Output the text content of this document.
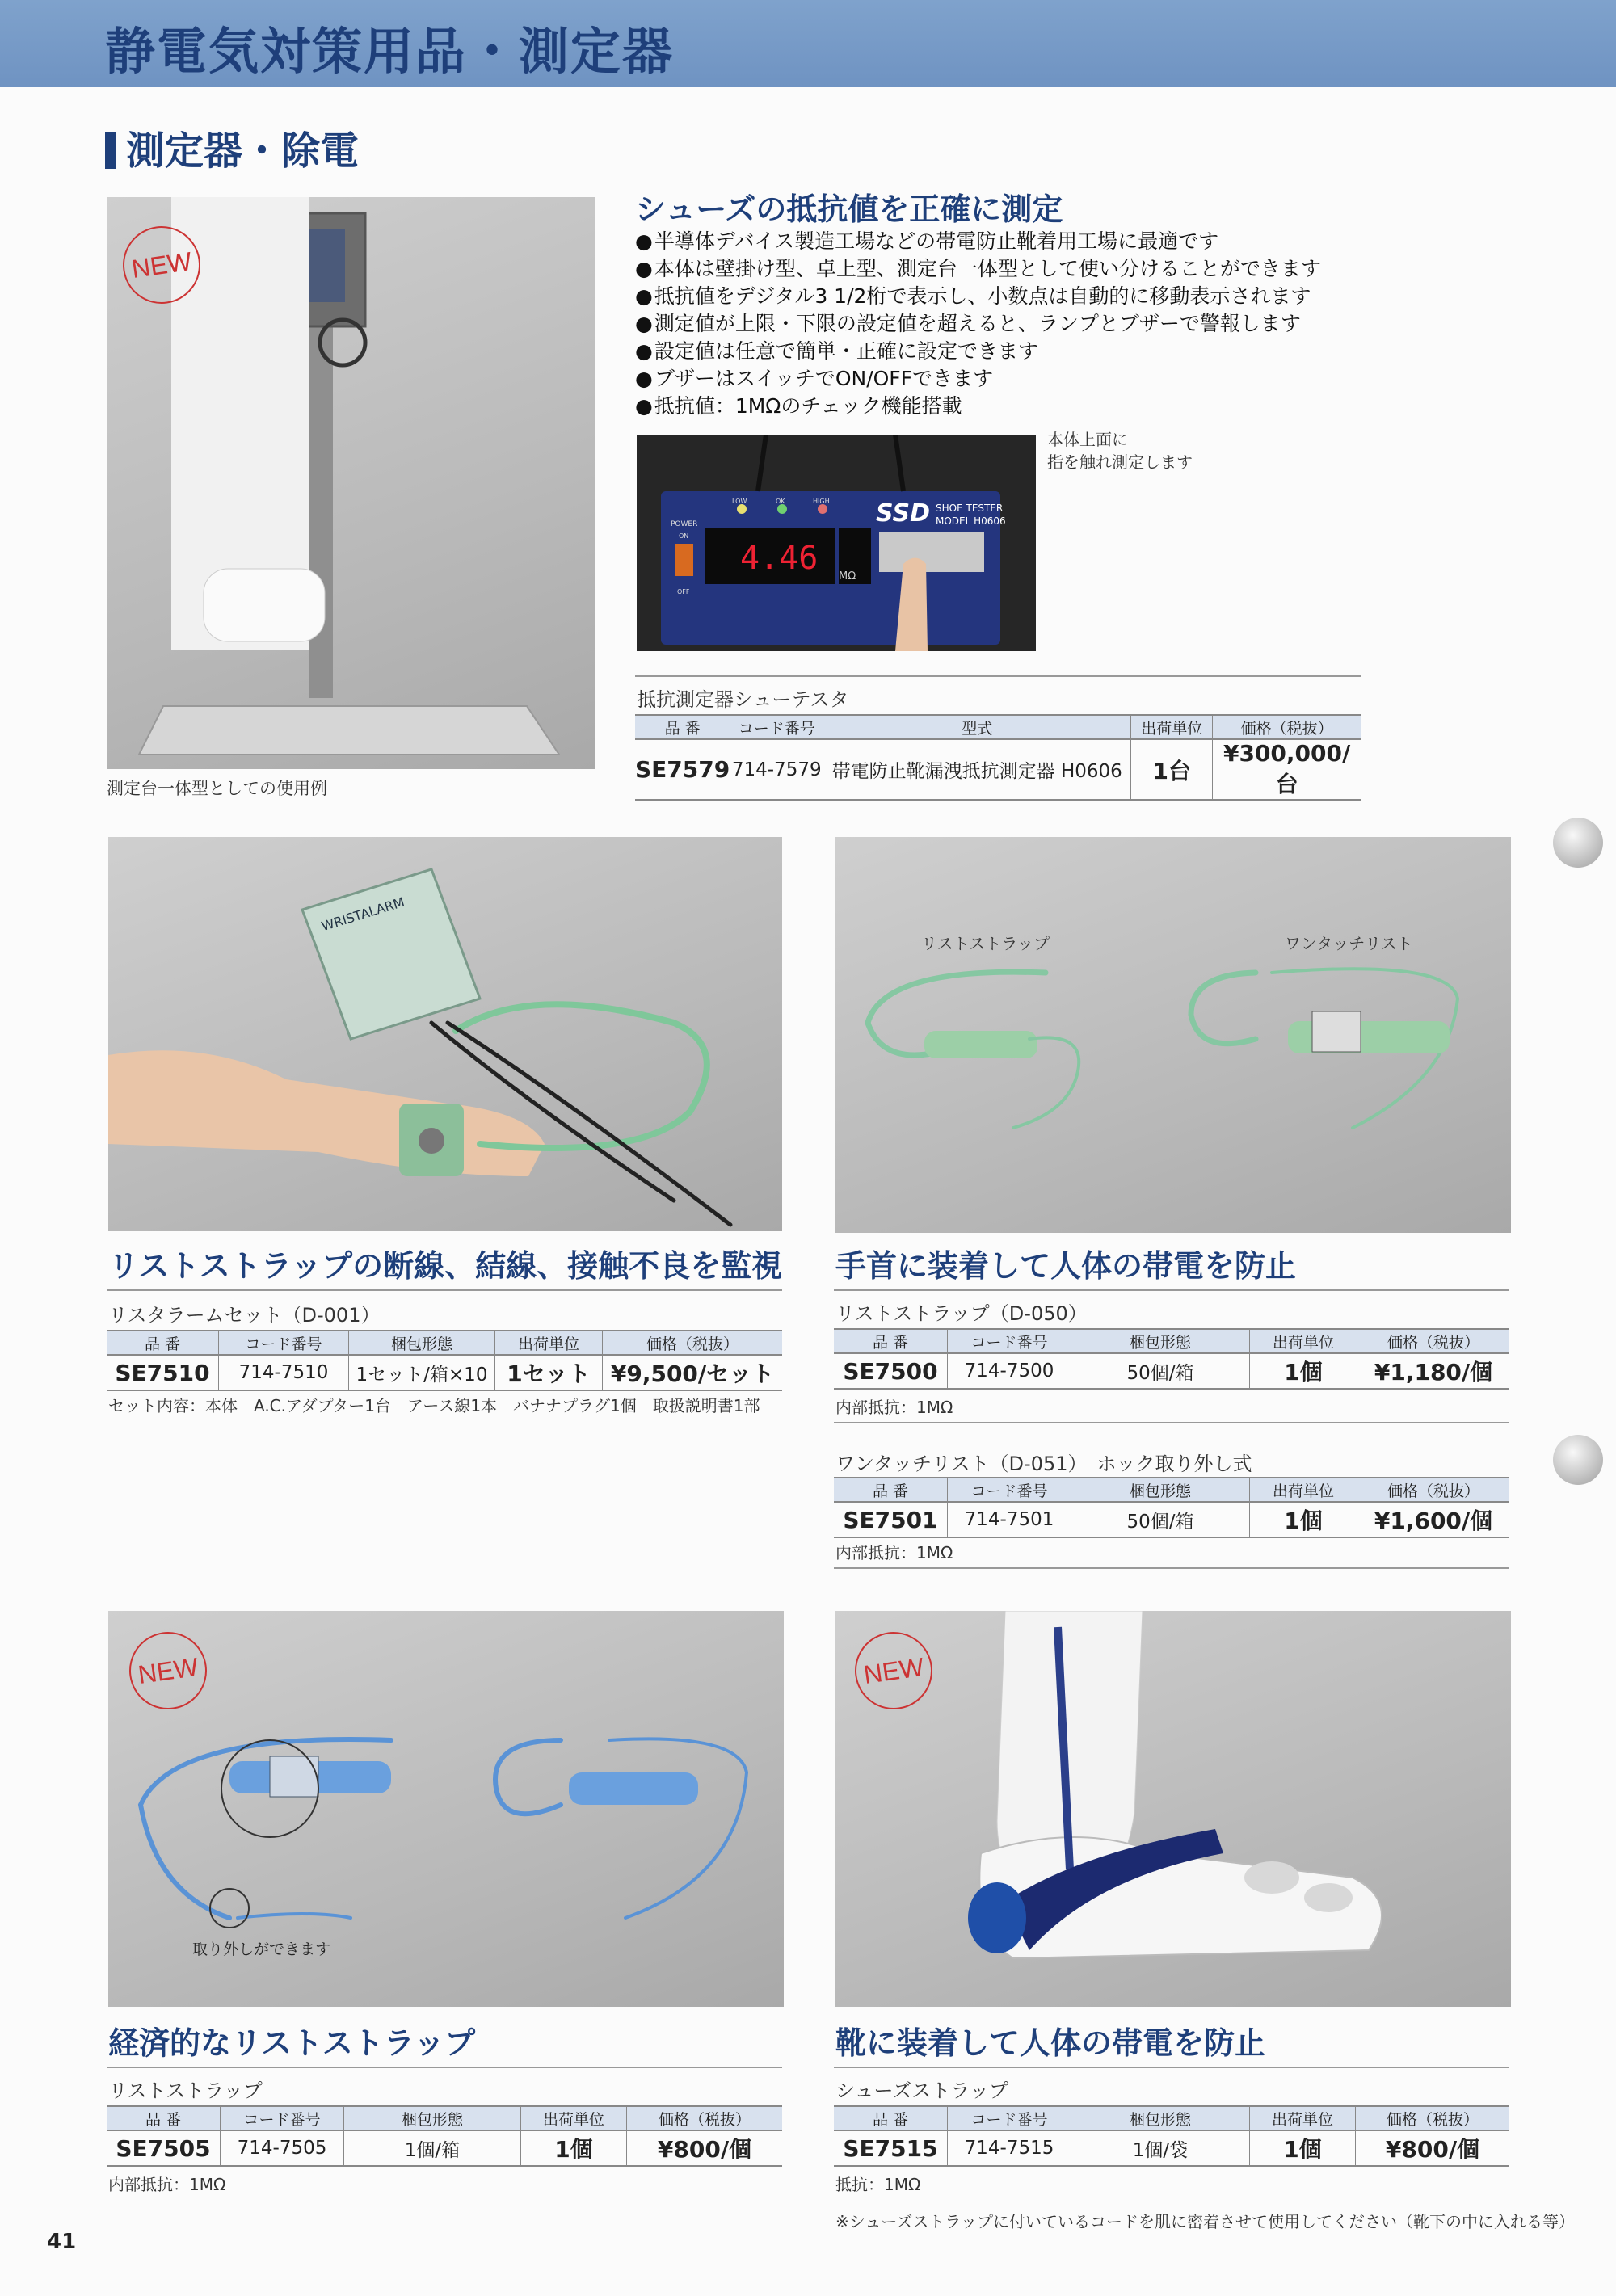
静電気対策用品・測定器
測定器・除電
NEW
測定台一体型としての使用例
シューズの抵抗値を正確に測定
● 半導体デバイス製造工場などの帯電防止靴着用工場に最適です
● 本体は壁掛け型、卓上型、測定台一体型として使い分けることができます
● 抵抗値をデジタル3 1/2桁で表示し、小数点は自動的に移動表示されます
● 測定値が上限・下限の設定値を超えると、ランプとブザーで警報します
● 設定値は任意で簡単・正確に設定できます
● ブザーはスイッチでON/OFFできます
● 抵抗値：1MΩのチェック機能搭載
4.46 MΩ
SSD SHOE TESTER
MODEL H0606
POWER
ON
OFF
LOW	OK	HIGH
本体上面に
指を触れ測定します
抵抗測定器シューテスタ
品 番	コード番号	型式	出荷単位	価格（税抜）
SE7579	714-7579	帯電防止靴漏洩抵抗測定器 H0606	1台	¥300,000/台
WRISTALARM
リストストラップの断線、結線、接触不良を監視
リスタラームセット（D-001）
品 番	コード番号	梱包形態	出荷単位	価格（税抜）
SE7510	714-7510	1セット/箱×10	1セット	¥9,500/セット
セット内容：本体　A.C.アダプター1台　アース線1本　バナナプラグ1個　取扱説明書1部
リストストラップ	ワンタッチリスト
手首に装着して人体の帯電を防止
リストストラップ（D-050）
品 番	コード番号	梱包形態	出荷単位	価格（税抜）
SE7500	714-7500	50個/箱	1個	¥1,180/個
内部抵抗：1MΩ
ワンタッチリスト（D-051）　ホック取り外し式
品 番	コード番号	梱包形態	出荷単位	価格（税抜）
SE7501	714-7501	50個/箱	1個	¥1,600/個
内部抵抗：1MΩ
取り外しができます
NEW
経済的なリストストラップ
リストストラップ
品 番	コード番号	梱包形態	出荷単位	価格（税抜）
SE7505	714-7505	1個/箱	1個	¥800/個
内部抵抗：1MΩ
NEW
靴に装着して人体の帯電を防止
シューズストラップ
品 番	コード番号	梱包形態	出荷単位	価格（税抜）
SE7515	714-7515	1個/袋	1個	¥800/個
抵抗：1MΩ
※シューズストラップに付いているコードを肌に密着させて使用してください（靴下の中に入れる等）
41
